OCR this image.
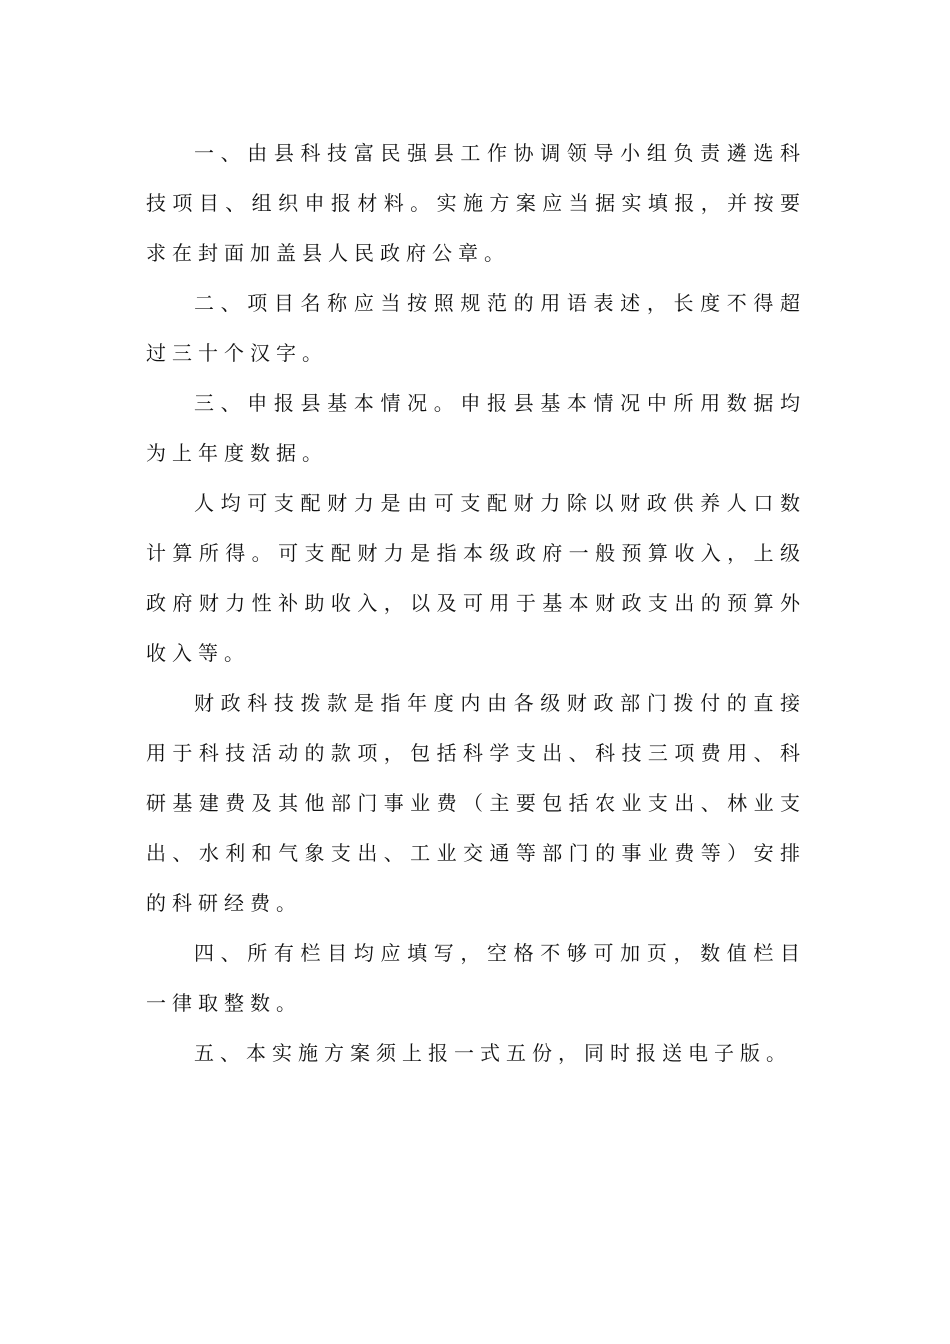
一、由县科技富民强县工作协调领导小组负责遴选科技项目、组织申报材料。实施方案应当据实填报，并按要求在封面加盖县人民政府公章。

二、项目名称应当按照规范的用语表述，长度不得超过三十个汉字。

三、申报县基本情况。申报县基本情况中所用数据均为上年度数据。

人均可支配财力是由可支配财力除以财政供养人口数计算所得。可支配财力是指本级政府一般预算收入，上级政府财力性补助收入，以及可用于基本财政支出的预算外收入等。

财政科技拨款是指年度内由各级财政部门拨付的直接用于科技活动的款项，包括科学支出、科技三项费用、科研基建费及其他部门事业费（主要包括农业支出、林业支出、水利和气象支出、工业交通等部门的事业费等）安排的科研经费。

四、所有栏目均应填写，空格不够可加页，数值栏目一律取整数。

五、本实施方案须上报一式五份，同时报送电子版。
